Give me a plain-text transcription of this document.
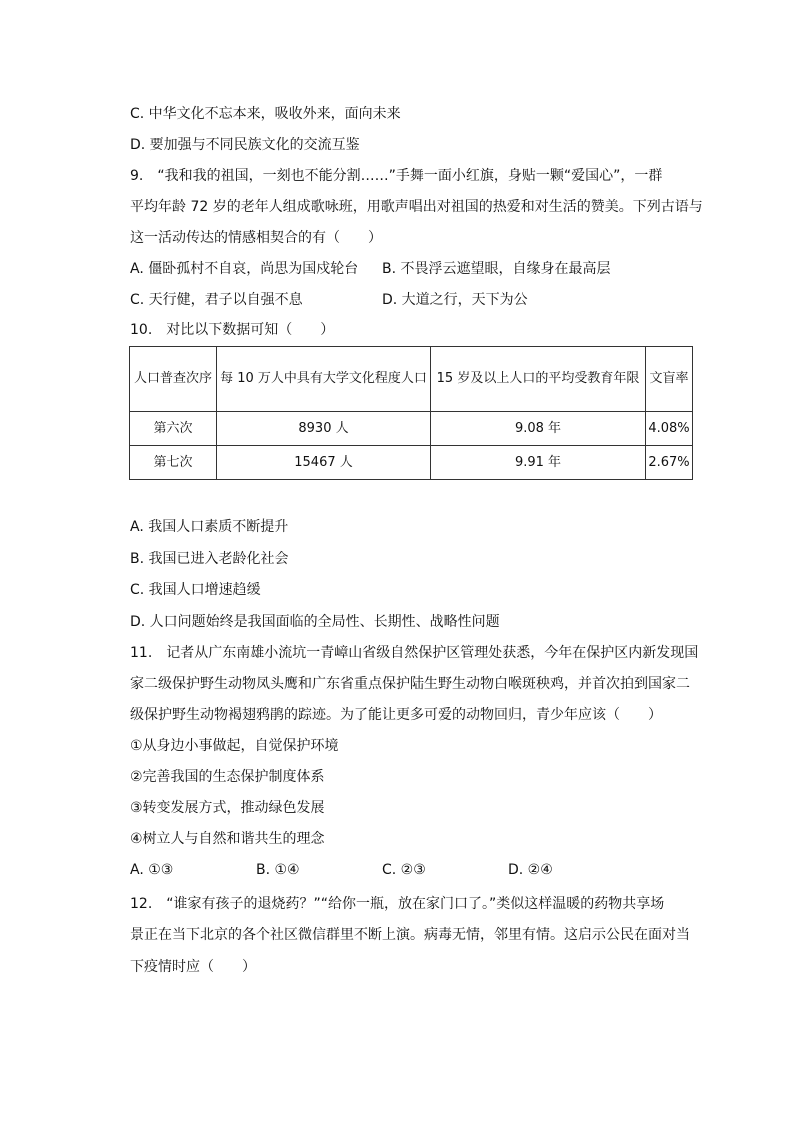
C. 中华文化不忘本来，吸收外来，面向未来
D. 要加强与不同民族文化的交流互鉴
9.　“我和我的祖国，一刻也不能分割……”手舞一面小红旗，身贴一颗“爱国心”，一群
平均年龄 72 岁的老年人组成歌咏班，用歌声唱出对祖国的热爱和对生活的赞美。下列古语与
这一活动传达的情感相契合的有（　　）
A. 僵卧孤村不自哀，尚思为国戍轮台 B. 不畏浮云遮望眼，自缘身在最高层
C. 天行健，君子以自强不息	D. 大道之行，天下为公
10.　对比以下数据可知（　　）
人口普查次序	每 10 万人中具有大学文化程度人口	15 岁及以上人口的平均受教育年限	文盲率
第六次	8930 人	9.08 年	4.08%
第七次	15467 人	9.91 年	2.67%
A. 我国人口素质不断提升
B. 我国已进入老龄化社会
C. 我国人口增速趋缓
D. 人口问题始终是我国面临的全局性、长期性、战略性问题
11.　记者从广东南雄小流坑一青嶂山省级自然保护区管理处获悉，今年在保护区内新发现国
家二级保护野生动物凤头鹰和广东省重点保护陆生野生动物白喉斑秧鸡，并首次拍到国家二
级保护野生动物褐翅鸦鹃的踪迹。为了能让更多可爱的动物回归，青少年应该（　　）
①从身边小事做起，自觉保护环境
②完善我国的生态保护制度体系
③转变发展方式，推动绿色发展
④树立人与自然和谐共生的理念
A. ①③	B. ①④	C. ②③	D. ②④
12.　“谁家有孩子的退烧药？”“给你一瓶，放在家门口了。”类似这样温暖的药物共享场
景正在当下北京的各个社区微信群里不断上演。病毒无情，邻里有情。这启示公民在面对当
下疫情时应（　　）
